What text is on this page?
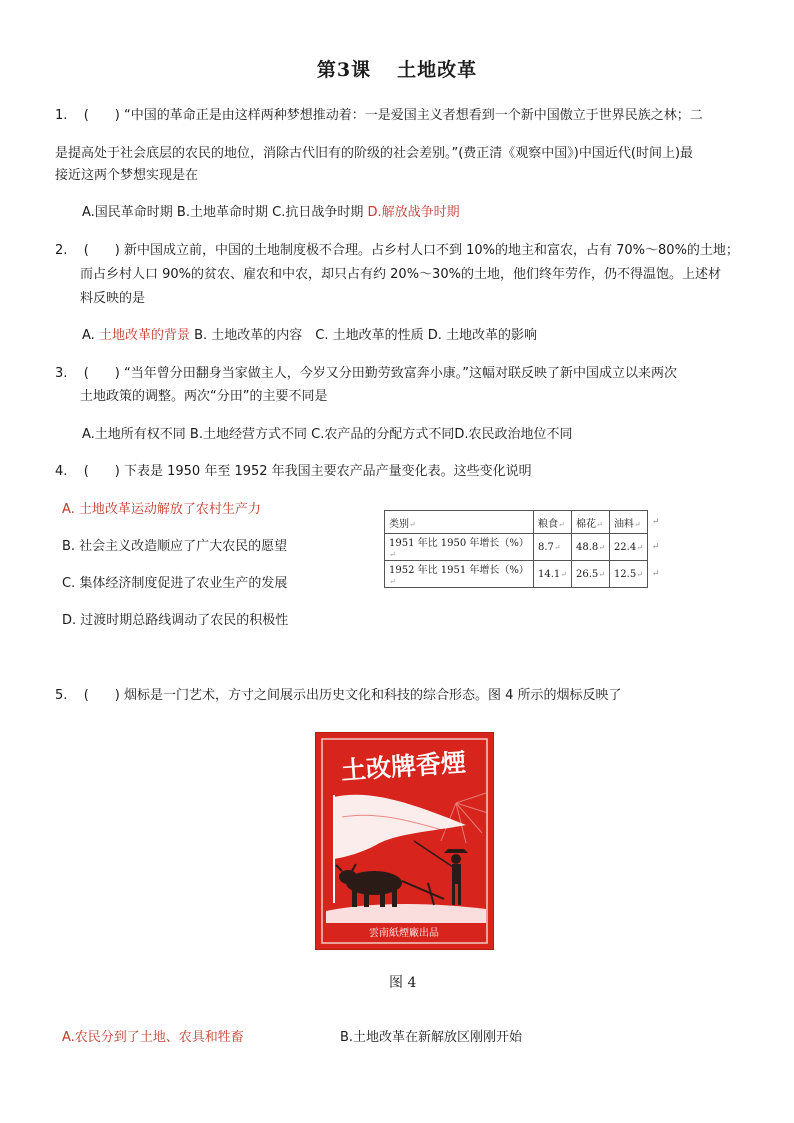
第3课 土地改革
1. (  ) “中国的革命正是由这样两种梦想推动着：一是爱国主义者想看到一个新中国傲立于世界民族之林；二
是提高处于社会底层的农民的地位，消除古代旧有的阶级的社会差别。”(费正清《观察中国》)中国近代(时间上)最
接近这两个梦想实现是在
A.国民革命时期 B.土地革命时期 C.抗日战争时期 D.解放战争时期
2. (  ) 新中国成立前，中国的土地制度极不合理。占乡村人口不到 10%的地主和富农，占有 70%～80%的土地；
而占乡村人口 90%的贫农、雇农和中农，却只占有约 20%～30%的土地，他们终年劳作，仍不得温饱。上述材
料反映的是
A. 土地改革的背景 B. 土地改革的内容 C. 土地改革的性质 D. 土地改革的影响
3. (  ) “当年曾分田翻身当家做主人，今岁又分田勤劳致富奔小康。”这幅对联反映了新中国成立以来两次
土地政策的调整。两次“分田”的主要不同是
A.土地所有权不同 B.土地经营方式不同 C.农产品的分配方式不同D.农民政治地位不同
4. (  ) 下表是 1950 年至 1952 年我国主要农产品产量变化表。这些变化说明
A. 土地改革运动解放了农村生产力
B. 社会主义改造顺应了广大农民的愿望
C. 集体经济制度促进了农业生产的发展
D. 过渡时期总路线调动了农民的积极性
类别↵	粮食↵	棉花↵	油料↵	↵
1951 年比 1950 年增长（%）↵	8.7↵	48.8↵	22.4↵	↵
1952 年比 1951 年增长（%）↵	14.1↵	26.5↵	12.5↵	↵
5. (  ) 烟标是一门艺术，方寸之间展示出历史文化和科技的综合形态。图 4 所示的烟标反映了
土改牌香煙
雲南紙煙廠出品
图 4
A.农民分到了土地、农具和牲畜	B.土地改革在新解放区刚刚开始
